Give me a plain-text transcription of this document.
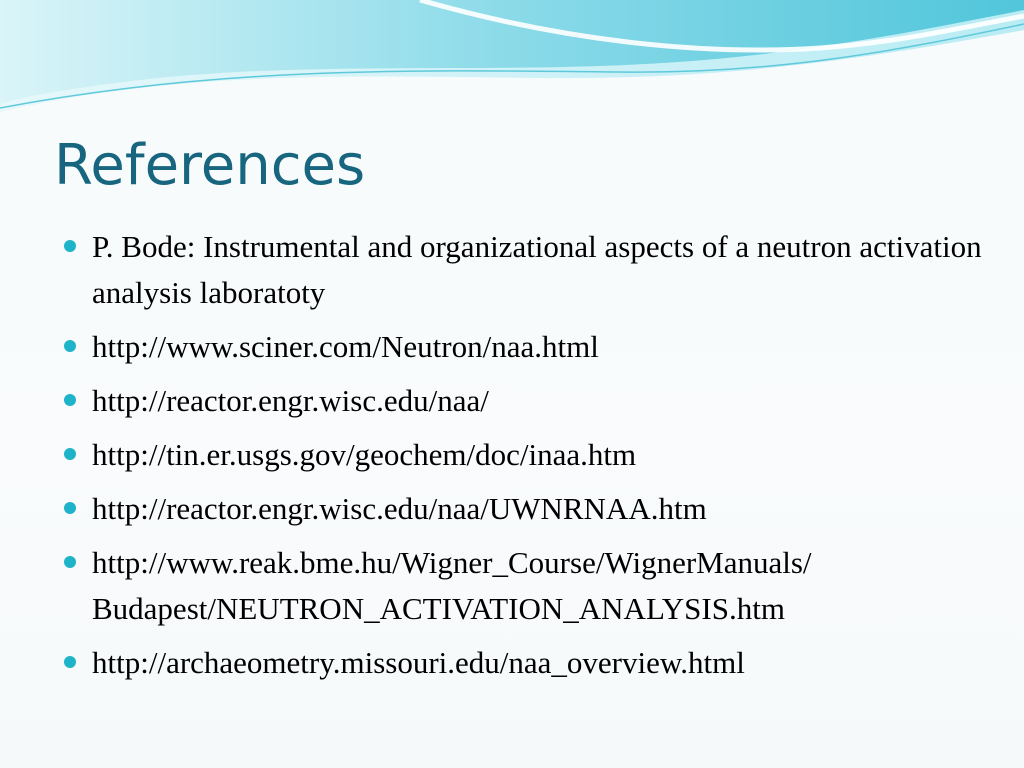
References
P. Bode: Instrumental and organizational aspects of a neutron activation analysis laboratoty
http://www.sciner.com/Neutron/naa.html
http://reactor.engr.wisc.edu/naa/
http://tin.er.usgs.gov/geochem/doc/inaa.htm
http://reactor.engr.wisc.edu/naa/UWNRNAA.htm
http://www.reak.bme.hu/Wigner_Course/WignerManuals/ Budapest/NEUTRON_ACTIVATION_ANALYSIS.htm
http://archaeometry.missouri.edu/naa_overview.html
